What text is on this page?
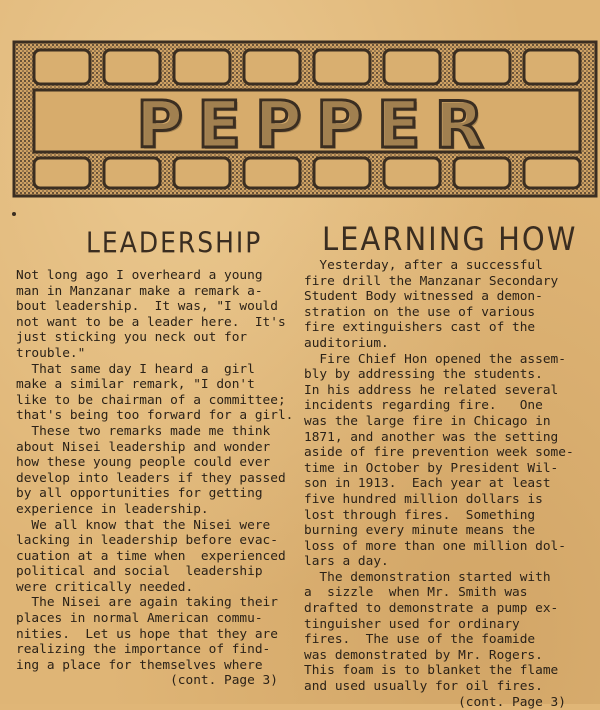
PEPPER
LEADERSHIP LEARNING HOW
Not long ago I overheard a young
man in Manzanar make a remark a-
bout leadership.  It was, "I would
not want to be a leader here.  It's
just sticking you neck out for
trouble."
That same day I heard a  girl
make a similar remark, "I don't
like to be chairman of a committee;
that's being too forward for a girl.
These two remarks made me think
about Nisei leadership and wonder
how these young people could ever
develop into leaders if they passed
by all opportunities for getting
experience in leadership.
We all know that the Nisei were
lacking in leadership before evac-
cuation at a time when  experienced
political and social  leadership
were critically needed.
The Nisei are again taking their
places in normal American commu-
nities.  Let us hope that they are
realizing the importance of find-
ing a place for themselves where
(cont. Page 3)
Yesterday, after a successful
fire drill the Manzanar Secondary
Student Body witnessed a demon-
stration on the use of various
fire extinguishers cast of the
auditorium.
Fire Chief Hon opened the assem-
bly by addressing the students.
In his address he related several
incidents regarding fire.   One
was the large fire in Chicago in
1871, and another was the setting
aside of fire prevention week some-
time in October by President Wil-
son in 1913.  Each year at least
five hundred million dollars is
lost through fires.  Something
burning every minute means the
loss of more than one million dol-
lars a day.
The demonstration started with
a  sizzle  when Mr. Smith was
drafted to demonstrate a pump ex-
tinguisher used for ordinary
fires.  The use of the foamide
was demonstrated by Mr. Rogers.
This foam is to blanket the flame
and used usually for oil fires.
(cont. Page 3)
